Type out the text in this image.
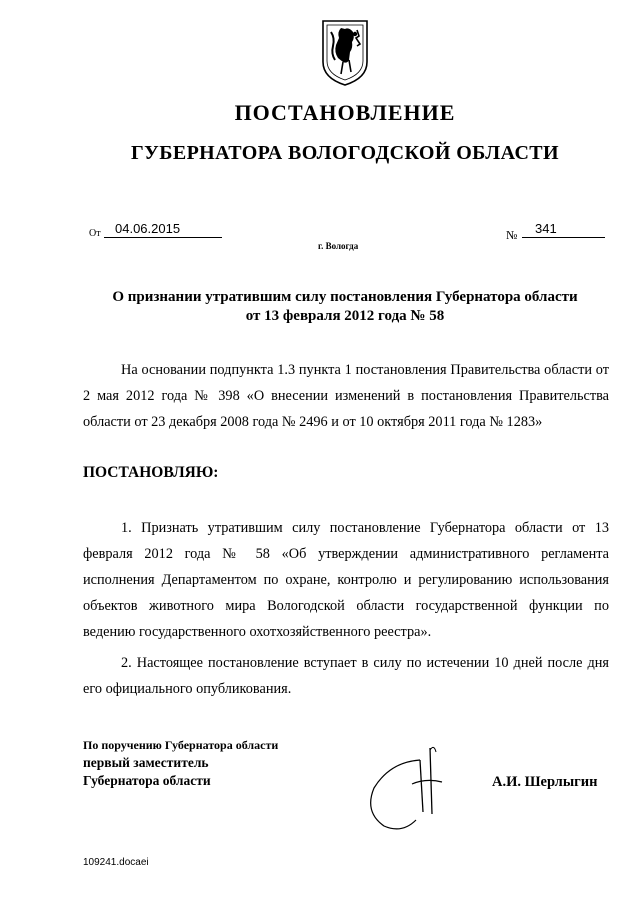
ПОСТАНОВЛЕНИЕ
ГУБЕРНАТОРА ВОЛОГОДСКОЙ ОБЛАСТИ
От 04.06.2015	№ 341
г. Вологда
О признании утратившим силу постановления Губернатора области
от 13 февраля 2012 года № 58
На основании подпункта 1.3 пункта 1 постановления Правительства области от 2 мая 2012 года № 398 «О внесении изменений в постановления Правительства области от 23 декабря 2008 года № 2496 и от 10 октября 2011 года № 1283»
ПОСТАНОВЛЯЮ:
1. Признать утратившим силу постановление Губернатора области от 13 февраля 2012 года № 58 «Об утверждении административного регламента исполнения Департаментом по охране, контролю и регулированию использования объектов животного мира Вологодской области государственной функции по ведению государственного охотхозяйственного реестра».
2. Настоящее постановление вступает в силу по истечении 10 дней после дня его официального опубликования.
По поручению Губернатора области
первый заместитель
Губернатора области	А.И. Шерлыгин
109241.docaei
